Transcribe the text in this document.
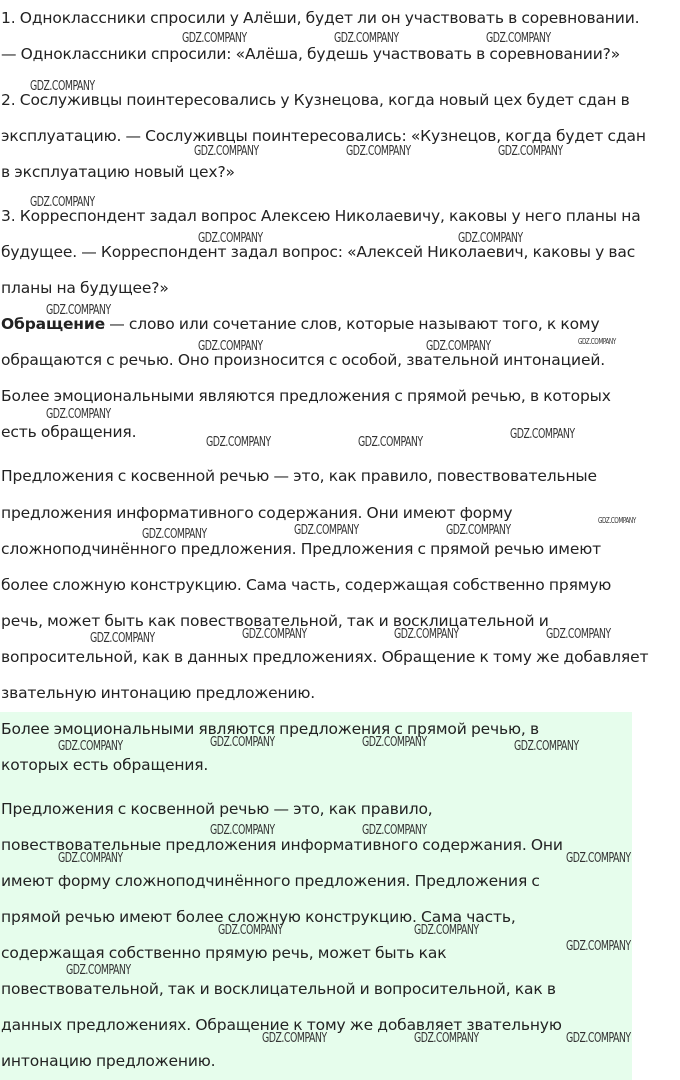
1. Одноклассники спросили у Алёши, будет ли он участвовать в соревновании.
— Одноклассники спросили: «Алёша, будешь участвовать в соревновании?»
2. Сослуживцы поинтересовались у Кузнецова, когда новый цех будет сдан в
эксплуатацию. — Сослуживцы поинтересовались: «Кузнецов, когда будет сдан
в эксплуатацию новый цех?»
3. Корреспондент задал вопрос Алексею Николаевичу, каковы у него планы на
будущее. — Корреспондент задал вопрос: «Алексей Николаевич, каковы у вас
планы на будущее?»
Обращение — слово или сочетание слов, которые называют того, к кому
обращаются с речью. Оно произносится с особой, звательной интонацией.
Более эмоциональными являются предложения с прямой речью, в которых
есть обращения.
Предложения с косвенной речью — это, как правило, повествовательные
предложения информативного содержания. Они имеют форму
сложноподчинённого предложения. Предложения с прямой речью имеют
более сложную конструкцию. Сама часть, содержащая собственно прямую
речь, может быть как повествовательной, так и восклицательной и
вопросительной, как в данных предложениях. Обращение к тому же добавляет
звательную интонацию предложению.
Более эмоциональными являются предложения с прямой речью, в
которых есть обращения.
Предложения с косвенной речью — это, как правило,
повествовательные предложения информативного содержания. Они
имеют форму сложноподчинённого предложения. Предложения с
прямой речью имеют более сложную конструкцию. Сама часть,
содержащая собственно прямую речь, может быть как
повествовательной, так и восклицательной и вопросительной, как в
данных предложениях. Обращение к тому же добавляет звательную
интонацию предложению.
GDZ.COMPANY	GDZ.COMPANY	GDZ.COMPANY
GDZ.COMPANY
GDZ.COMPANY	GDZ.COMPANY	GDZ.COMPANY
GDZ.COMPANY
GDZ.COMPANY	GDZ.COMPANY
GDZ.COMPANY
GDZ.COMPANY	GDZ.COMPANY	GDZ.COMPANY
GDZ.COMPANY
GDZ.COMPANY	GDZ.COMPANY
GDZ.COMPANY
GDZ.COMPANY
GDZ.COMPANY	GDZ.COMPANY	GDZ.COMPANY
GDZ.COMPANY	GDZ.COMPANY	GDZ.COMPANY	GDZ.COMPANY
GDZ.COMPANY	GDZ.COMPANY	GDZ.COMPANY	GDZ.COMPANY
GDZ.COMPANY	GDZ.COMPANY
GDZ.COMPANY	GDZ.COMPANY
GDZ.COMPANY	GDZ.COMPANY
GDZ.COMPANY
GDZ.COMPANY
GDZ.COMPANY	GDZ.COMPANY	GDZ.COMPANY
